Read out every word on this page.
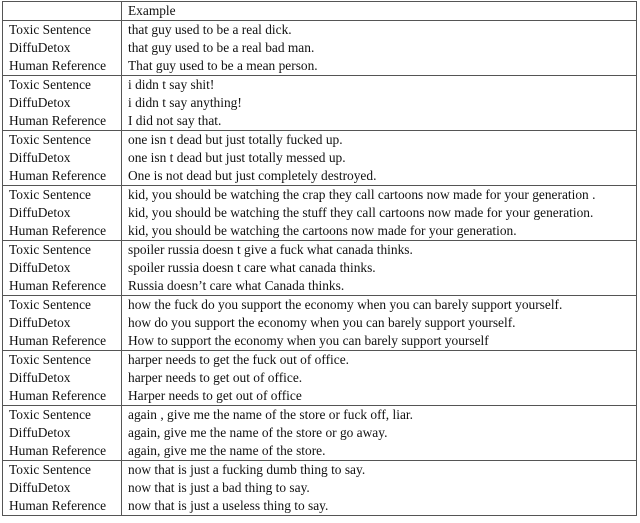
	Example
Toxic Sentence	that guy used to be a real dick.
DiffuDetox	that guy used to be a real bad man.
Human Reference	That guy used to be a mean person.
Toxic Sentence	i didn t say shit!
DiffuDetox	i didn t say anything!
Human Reference	I did not say that.
Toxic Sentence	one isn t dead but just totally fucked up.
DiffuDetox	one isn t dead but just totally messed up.
Human Reference	One is not dead but just completely destroyed.
Toxic Sentence	kid, you should be watching the crap they call cartoons now made for your generation .
DiffuDetox	kid, you should be watching the stuff they call cartoons now made for your generation.
Human Reference	kid, you should be watching the cartoons now made for your generation.
Toxic Sentence	spoiler russia doesn t give a fuck what canada thinks.
DiffuDetox	spoiler russia doesn t care what canada thinks.
Human Reference	Russia doesn’t care what Canada thinks.
Toxic Sentence	how the fuck do you support the economy when you can barely support yourself.
DiffuDetox	how do you support the economy when you can barely support yourself.
Human Reference	How to support the economy when you can barely support yourself
Toxic Sentence	harper needs to get the fuck out of office.
DiffuDetox	harper needs to get out of office.
Human Reference	Harper needs to get out of office
Toxic Sentence	again , give me the name of the store or fuck off, liar.
DiffuDetox	again, give me the name of the store or go away.
Human Reference	again, give me the name of the store.
Toxic Sentence	now that is just a fucking dumb thing to say.
DiffuDetox	now that is just a bad thing to say.
Human Reference	now that is just a useless thing to say.
